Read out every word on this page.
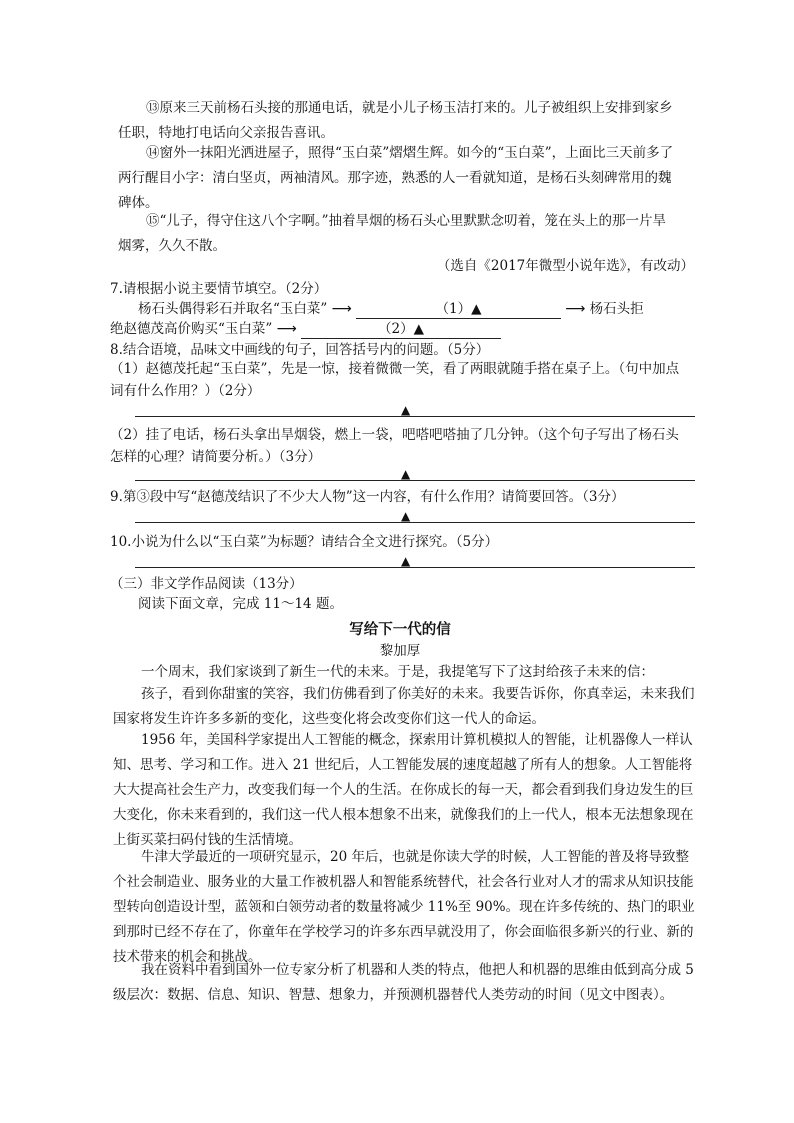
⑬原来三天前杨石头接的那通电话，就是小儿子杨玉洁打来的。儿子被组织上安排到家乡任职，特地打电话向父亲报告喜讯。
⑭窗外一抹阳光洒进屋子，照得“玉白菜”熠熠生辉。如今的“玉白菜”，上面比三天前多了两行醒目小字：清白坚贞，两袖清风。那字迹，熟悉的人一看就知道，是杨石头刻碑常用的魏碑体。
⑮“儿子，得守住这八个字啊。”抽着旱烟的杨石头心里默默念叨着，笼在头上的那一片旱烟雾，久久不散。
（选自《2017年微型小说年选》，有改动）
7.请根据小说主要情节填空。（2分）
杨石头偶得彩石并取名“玉白菜” ⟶	（1）▲	⟶ 杨石头拒
绝赵德茂高价购买“玉白菜” ⟶	（2）▲
8.结合语境，品味文中画线的句子，回答括号内的问题。（5分）
（1）赵德茂托起“玉白菜”，先是一惊，接着微微一笑，看了两眼就随手搭在桌子上。（句中加点词有什么作用？）（2分）
▲
（2）挂了电话，杨石头拿出旱烟袋，燃上一袋，吧嗒吧嗒抽了几分钟。（这个句子写出了杨石头怎样的心理？请简要分析。）（3分）
▲
9.第③段中写“赵德茂结识了不少大人物”这一内容，有什么作用？请简要回答。（3分）
▲
10.小说为什么以“玉白菜”为标题？请结合全文进行探究。（5分）
▲
（三）非文学作品阅读（13分）
阅读下面文章，完成 11～14 题。
写给下一代的信
黎加厚
一个周末，我们家谈到了新生一代的未来。于是，我提笔写下了这封给孩子未来的信：
孩子，看到你甜蜜的笑容，我们仿佛看到了你美好的未来。我要告诉你，你真幸运，未来我们国家将发生许许多多新的变化，这些变化将会改变你们这一代人的命运。
1956 年，美国科学家提出人工智能的概念，探索用计算机模拟人的智能，让机器像人一样认知、思考、学习和工作。进入 21 世纪后，人工智能发展的速度超越了所有人的想象。人工智能将大大提高社会生产力，改变我们每一个人的生活。在你成长的每一天，都会看到我们身边发生的巨大变化，你未来看到的，我们这一代人根本想象不出来，就像我们的上一代人，根本无法想象现在上街买菜扫码付钱的生活情境。
牛津大学最近的一项研究显示，20 年后，也就是你读大学的时候，人工智能的普及将导致整个社会制造业、服务业的大量工作被机器人和智能系统替代，社会各行业对人才的需求从知识技能型转向创造设计型，蓝领和白领劳动者的数量将减少 11%至 90%。现在许多传统的、热门的职业到那时已经不存在了，你童年在学校学习的许多东西早就没用了，你会面临很多新兴的行业、新的技术带来的机会和挑战。
我在资料中看到国外一位专家分析了机器和人类的特点，他把人和机器的思维由低到高分成 5 级层次：数据、信息、知识、智慧、想象力，并预测机器替代人类劳动的时间（见文中图表）。
